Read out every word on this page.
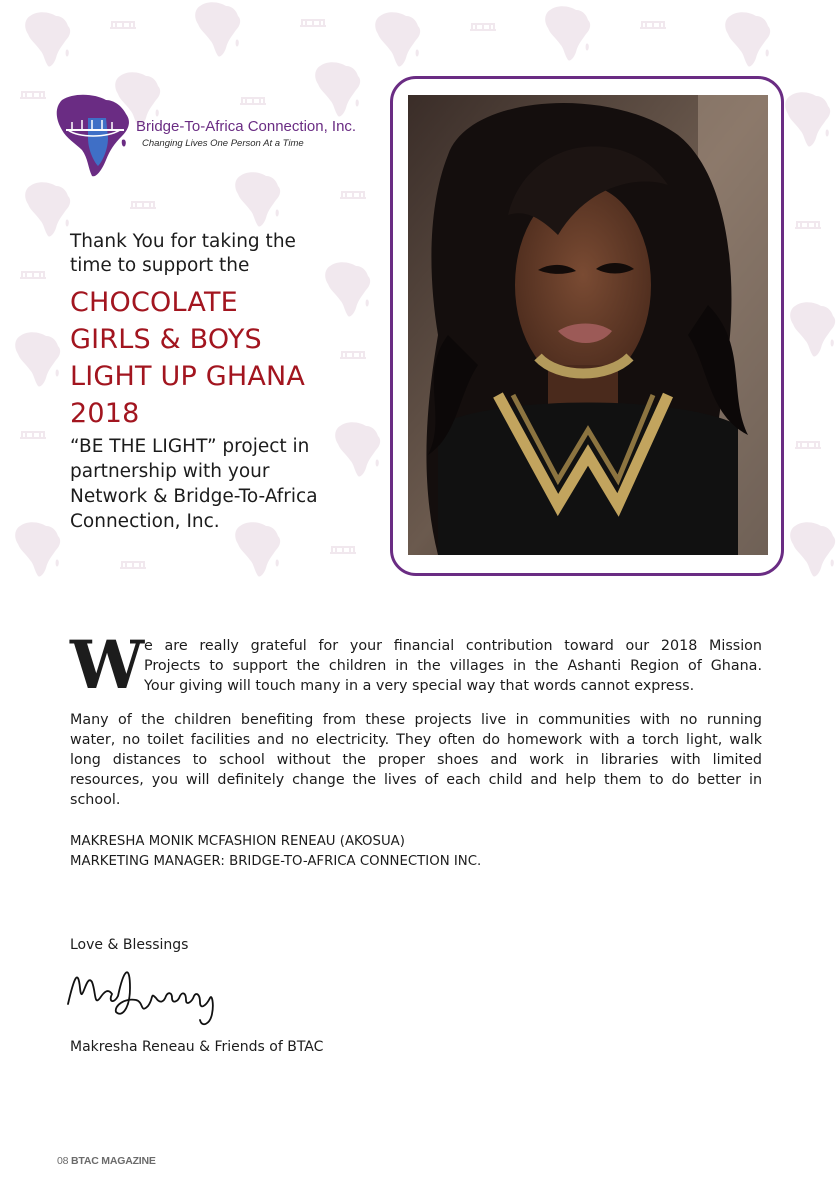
Bridge-To-Africa Connection, Inc.
Changing Lives One Person At a Time
Thank You for taking the
time to support the
CHOCOLATE
GIRLS & BOYS
LIGHT UP GHANA
2018
“BE THE LIGHT” project in
partnership with your
Network & Bridge-To-Africa
Connection, Inc.
W e are really grateful for your financial contribution toward our 2018 Mission
Projects to support the children in the villages in the Ashanti Region of Ghana.
Your giving will touch many in a very special way that words cannot express.
Many of the children benefiting from these projects live in communities with no running
water, no toilet facilities and no electricity. They often do homework with a torch light, walk
long distances to school without the proper shoes and work in libraries with limited
resources, you will definitely change the lives of each child and help them to do better in
school.
MAKRESHA MONIK MCFASHION RENEAU (AKOSUA)
MARKETING MANAGER: BRIDGE-TO-AFRICA CONNECTION INC.
Love & Blessings
Makresha Reneau & Friends of BTAC
08 BTAC MAGAZINE
